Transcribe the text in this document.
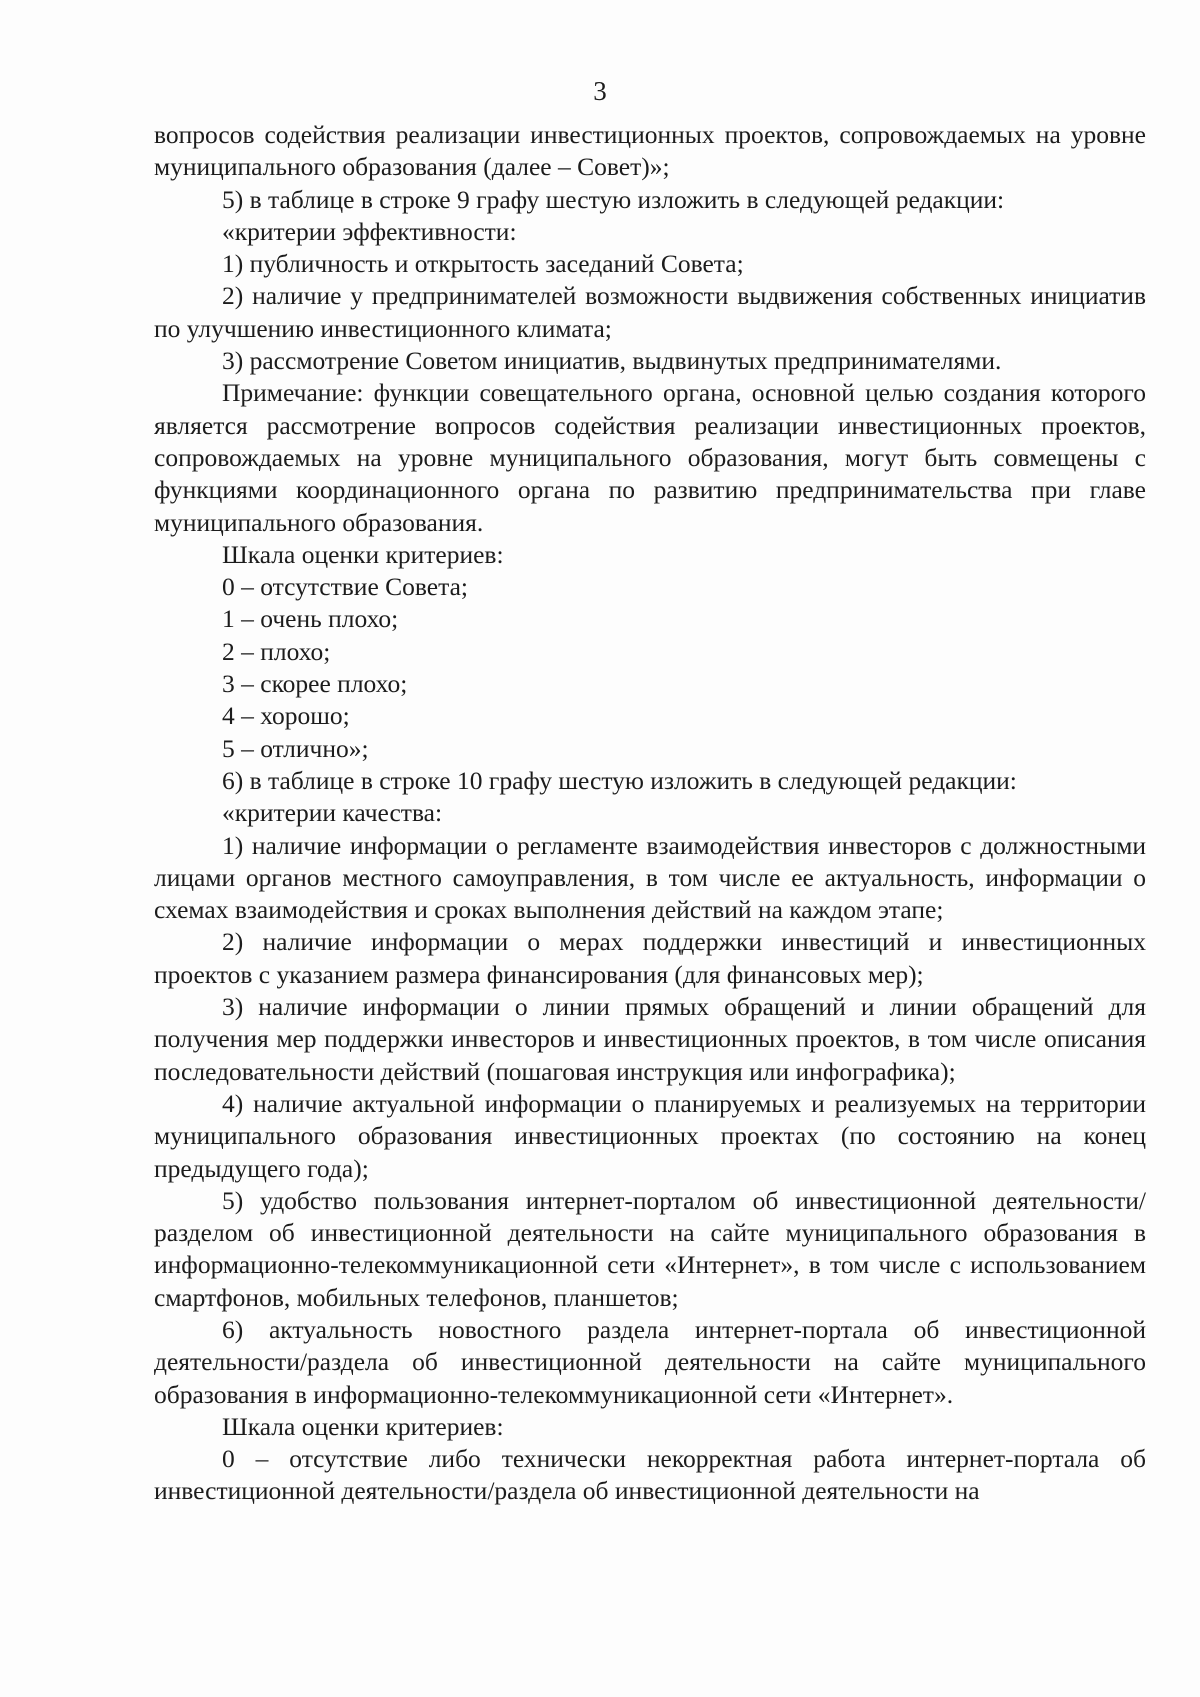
3

вопросов содействия реализации инвестиционных проектов, сопровождаемых на уровне муниципального образования (далее – Совет)»;

5) в таблице в строке 9 графу шестую изложить в следующей редакции:

«критерии эффективности:

1) публичность и открытость заседаний Совета;

2) наличие у предпринимателей возможности выдвижения собственных инициатив по улучшению инвестиционного климата;

3) рассмотрение Советом инициатив, выдвинутых предпринимателями.

Примечание: функции совещательного органа, основной целью создания которого является рассмотрение вопросов содействия реализации инвестиционных проектов, сопровождаемых на уровне муниципального образования, могут быть совмещены с функциями координационного органа по развитию предпринимательства при главе муниципального образования.

Шкала оценки критериев:

0 – отсутствие Совета;

1 – очень плохо;

2 – плохо;

3 – скорее плохо;

4 – хорошо;

5 – отлично»;

6) в таблице в строке 10 графу шестую изложить в следующей редакции:

«критерии качества:

1) наличие информации о регламенте взаимодействия инвесторов с должностными лицами органов местного самоуправления, в том числе ее актуальность, информации о схемах взаимодействия и сроках выполнения действий на каждом этапе;

2) наличие информации о мерах поддержки инвестиций и инвестиционных проектов с указанием размера финансирования (для финансовых мер);

3) наличие информации о линии прямых обращений и линии обращений для получения мер поддержки инвесторов и инвестиционных проектов, в том числе описания последовательности действий (пошаговая инструкция или инфографика);

4) наличие актуальной информации о планируемых и реализуемых на территории муниципального образования инвестиционных проектах (по состоянию на конец предыдущего года);

5) удобство пользования интернет-порталом об инвестиционной деятельности/разделом об инвестиционной деятельности на сайте муниципального образования в информационно-телекоммуникационной сети «Интернет», в том числе с использованием смартфонов, мобильных телефонов, планшетов;

6) актуальность новостного раздела интернет-портала об инвестиционной деятельности/раздела об инвестиционной деятельности на сайте муниципального образования в информационно-телекоммуникационной сети «Интернет».

Шкала оценки критериев:

0 – отсутствие либо технически некорректная работа интернет-портала об инвестиционной деятельности/раздела об инвестиционной деятельности на
